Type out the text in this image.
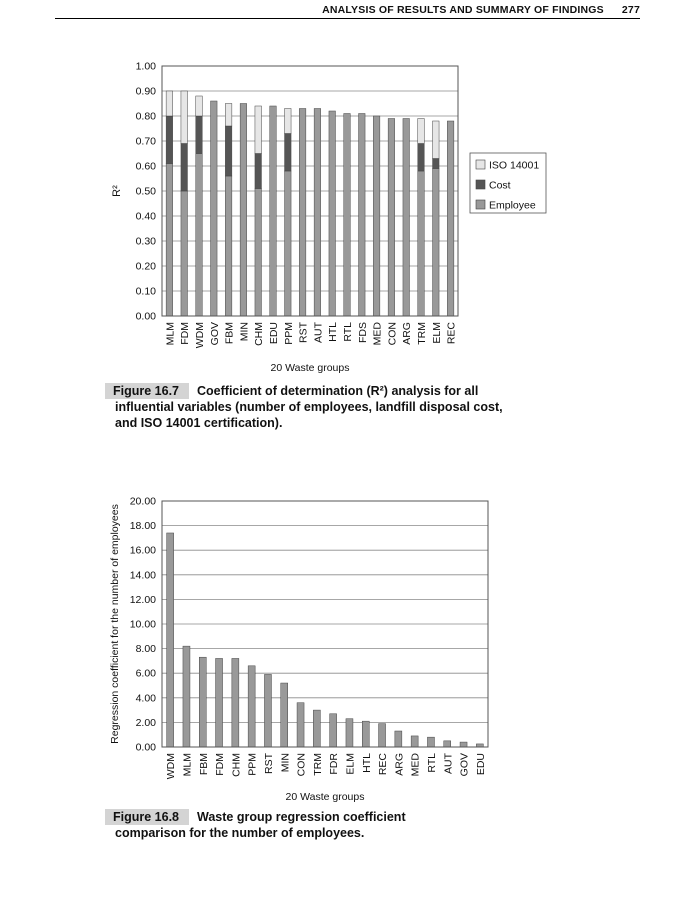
ANALYSIS OF RESULTS AND SUMMARY OF FINDINGS 277
0.00
0.10
0.20
0.30
0.40
0.50
0.60
0.70
0.80
0.90
1.00
MLM FDM WDM GOV FBM MIN CHM EDU PPM RST AUT HTL RTL FDS MED CON ARG TRM ELM REC
20 Waste groups
R²
ISO 14001
Cost
Employee
0.00
2.00
4.00
6.00
8.00
10.00
12.00
14.00
16.00
18.00
20.00
WDM MLM FBM FDM CHM PPM RST MIN CON TRM FDR ELM HTL REC ARG MED RTL AUT GOV EDU
20 Waste groups
Regression coefficient for the number of employees
Figure 16.7 Coefficient of determination (R²) analysis for all

influential variables (number of employees, landfill disposal cost,
and ISO 14001 certification).
Figure 16.8 Waste group regression coefficient

comparison for the number of employees.
